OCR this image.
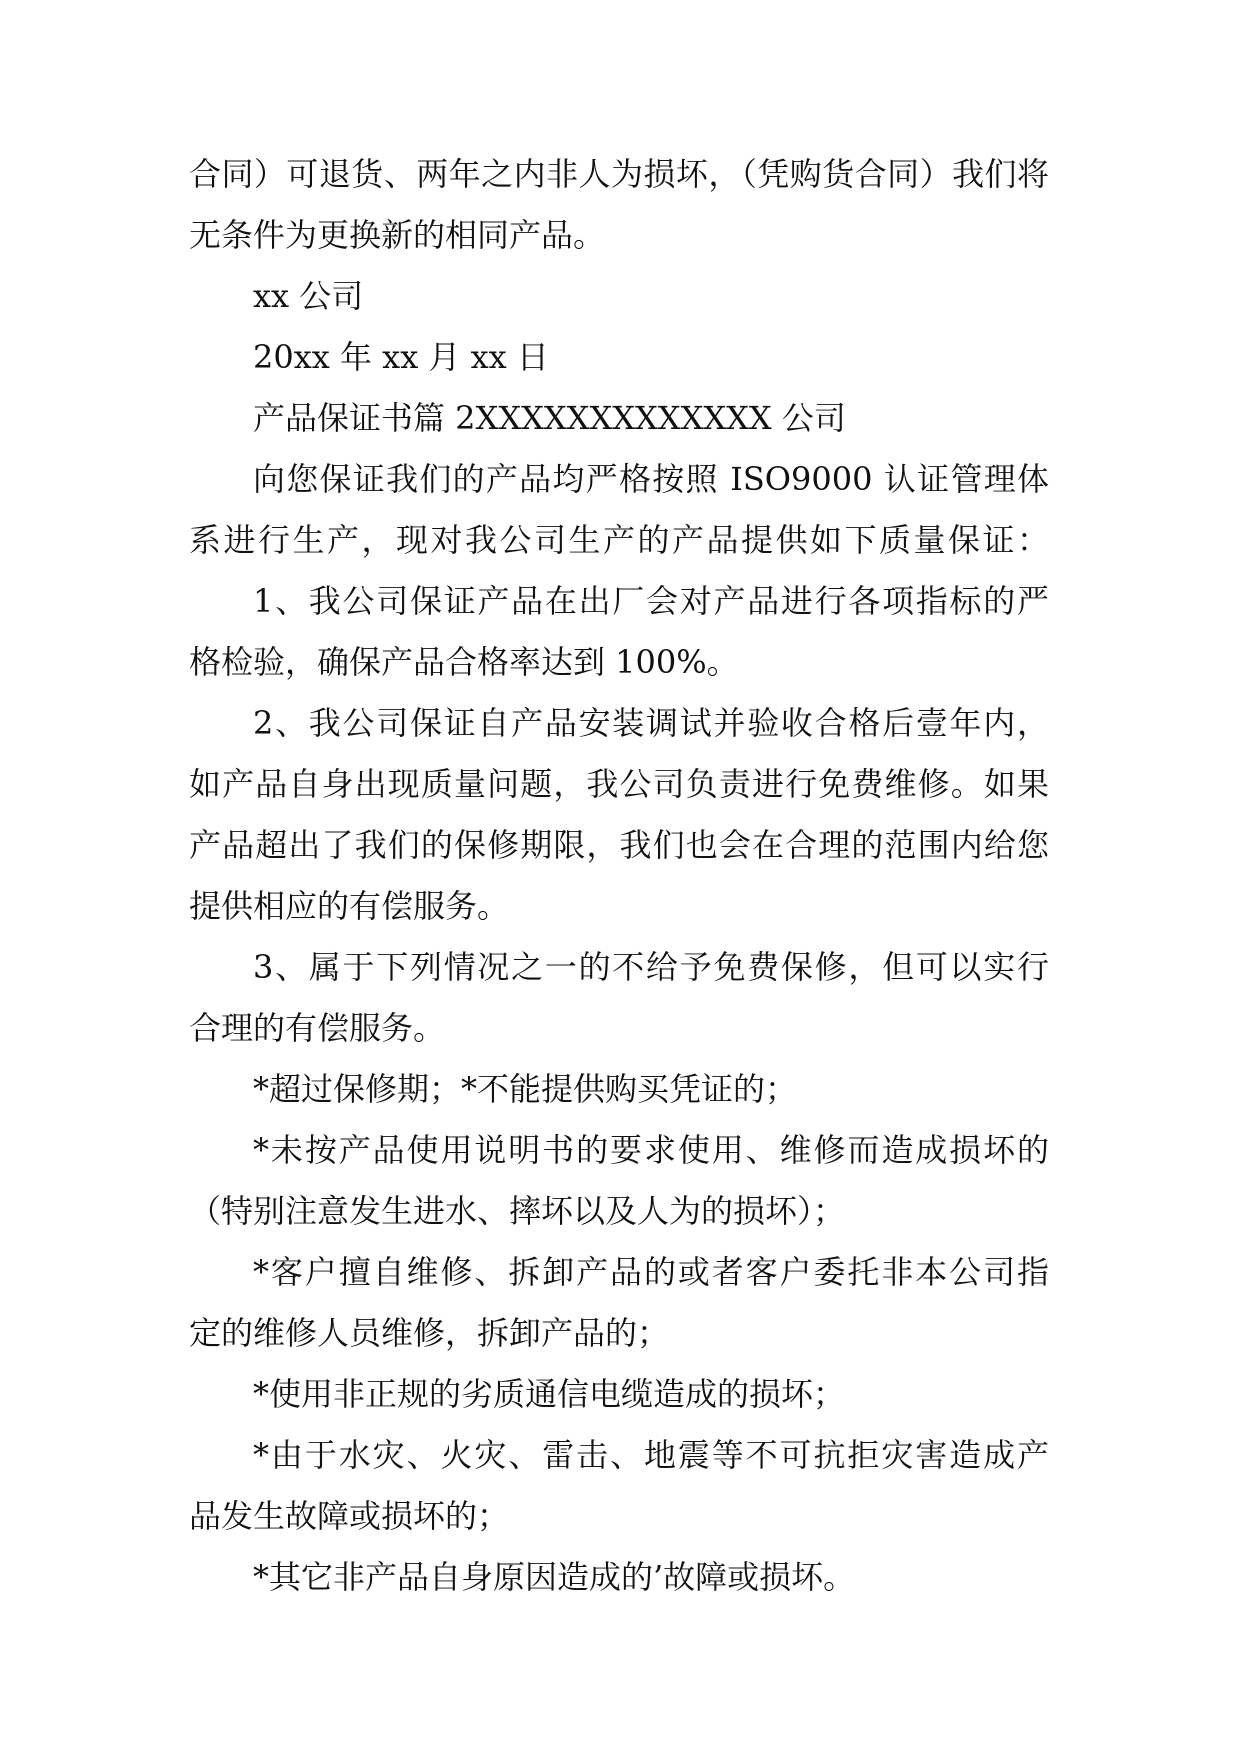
合同）可退货、两年之内非人为损坏，（凭购货合同）我们将
无条件为更换新的相同产品。
xx 公司
20xx 年 xx 月 xx 日
产品保证书篇 2XXXXXXXXXXXXX 公司
向您保证我们的产品均严格按照 ISO9000 认证管理体
系进行生产，现对我公司生产的产品提供如下质量保证：
1、我公司保证产品在出厂会对产品进行各项指标的严
格检验，确保产品合格率达到 100%。
2、我公司保证自产品安装调试并验收合格后壹年内，
如产品自身出现质量问题，我公司负责进行免费维修。如果
产品超出了我们的保修期限，我们也会在合理的范围内给您
提供相应的有偿服务。
3、属于下列情况之一的不给予免费保修，但可以实行
合理的有偿服务。
*超过保修期；*不能提供购买凭证的；
*未按产品使用说明书的要求使用、维修而造成损坏的
（特别注意发生进水、摔坏以及人为的损坏）；
*客户擅自维修、拆卸产品的或者客户委托非本公司指
定的维修人员维修，拆卸产品的；
*使用非正规的劣质通信电缆造成的损坏；
*由于水灾、火灾、雷击、地震等不可抗拒灾害造成产
品发生故障或损坏的；
*其它非产品自身原因造成的’故障或损坏。
